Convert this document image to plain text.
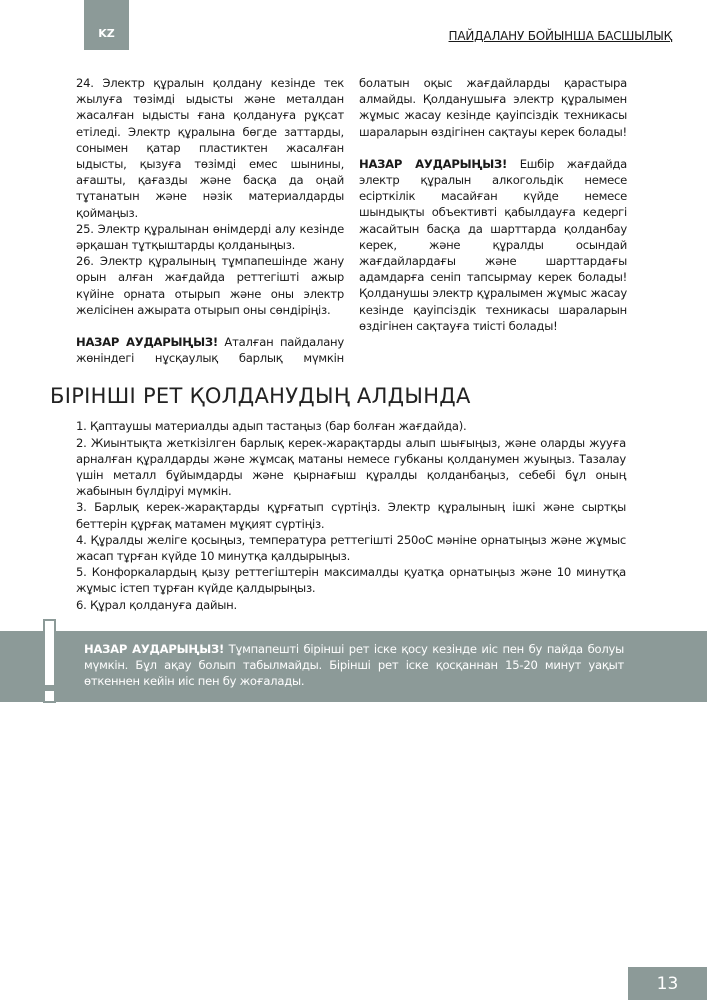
KZ	ПАЙДАЛАНУ БОЙЫНША БАСШЫЛЫҚ

24. Электр құралын қолдану кезінде тек жылуға төзімді ыдысты және металдан жасалған ыдысты ғана қолдануға рұқсат етіледі. Электр құралына бөгде заттарды, сонымен қатар пластиктен жасалған ыдысты, қызуға төзімді емес шынины, ағашты, қағазды және басқа да оңай тұтанатын және нәзік материалдарды қоймаңыз.

25. Электр құралынан өнімдерді алу кезінде әрқашан тұтқыштарды қолданыңыз.

26. Электр құралының тұмпапешінде жану орын алған жағдайда реттегішті ажыр күйіне орната отырып және оны электр желісінен ажырата отырып оны сөндіріңіз.

НАЗАР АУДАРЫҢЫЗ! Аталған пайдалану жөніндегі нұсқаулық барлық мүмкін болатын оқыс жағдайларды қарастыра алмайды. Қолданушыға электр құралымен жұмыс жасау кезінде қауіпсіздік техникасы шараларын өздігінен сақтауы керек болады!

НАЗАР АУДАРЫҢЫЗ! Ешбір жағдайда электр құралын алкогольдік немесе есірткілік масайған күйде немесе шындықты объективті қабылдауға кедергі жасайтын басқа да шарттарда қолданбау керек, және құралды осындай жағдайлардағы және шарттардағы адамдарға сеніп тапсырмау керек болады! Қолданушы электр құралымен жұмыс жасау кезінде қауіпсіздік техникасы шараларын өздігінен сақтауға тиісті болады!

БІРІНШІ РЕТ ҚОЛДАНУДЫҢ АЛДЫНДА

1. Қаптаушы материалды адып тастаңыз (бар болған жағдайда).

2. Жиынтықта жеткізілген барлық керек-жарақтарды алып шығыңыз, және оларды жууға арналған құралдарды және жұмсақ матаны немесе губканы қолданумен жуыңыз. Тазалау үшін металл бұйымдарды және қырнағыш құралды қолданбаңыз, себебі бұл оның жабынын бүлдіруі мүмкін.

3. Барлық керек-жарақтарды құрғатып сүртіңіз. Электр құралының ішкі және сыртқы беттерін құрғақ матамен мұқият сүртіңіз.

4. Құралды желіге қосыңыз, температура реттегішті 250оС мәніне орнатыңыз және жұмыс жасап тұрған күйде 10 минутқа қалдырыңыз.

5. Конфоркалардың қызу реттегіштерін максималды қуатқа орнатыңыз және 10 минутқа жұмыс істеп тұрған күйде қалдырыңыз.

6. Құрал қолдануға дайын.

НАЗАР АУДАРЫҢЫЗ! Тұмпапешті бірінші рет іске қосу кезінде иіс пен бу пайда болуы мүмкін. Бұл ақау болып табылмайды. Бірінші рет іске қосқаннан 15-20 минут уақыт өткеннен кейін иіс пен бу жоғалады.
13
